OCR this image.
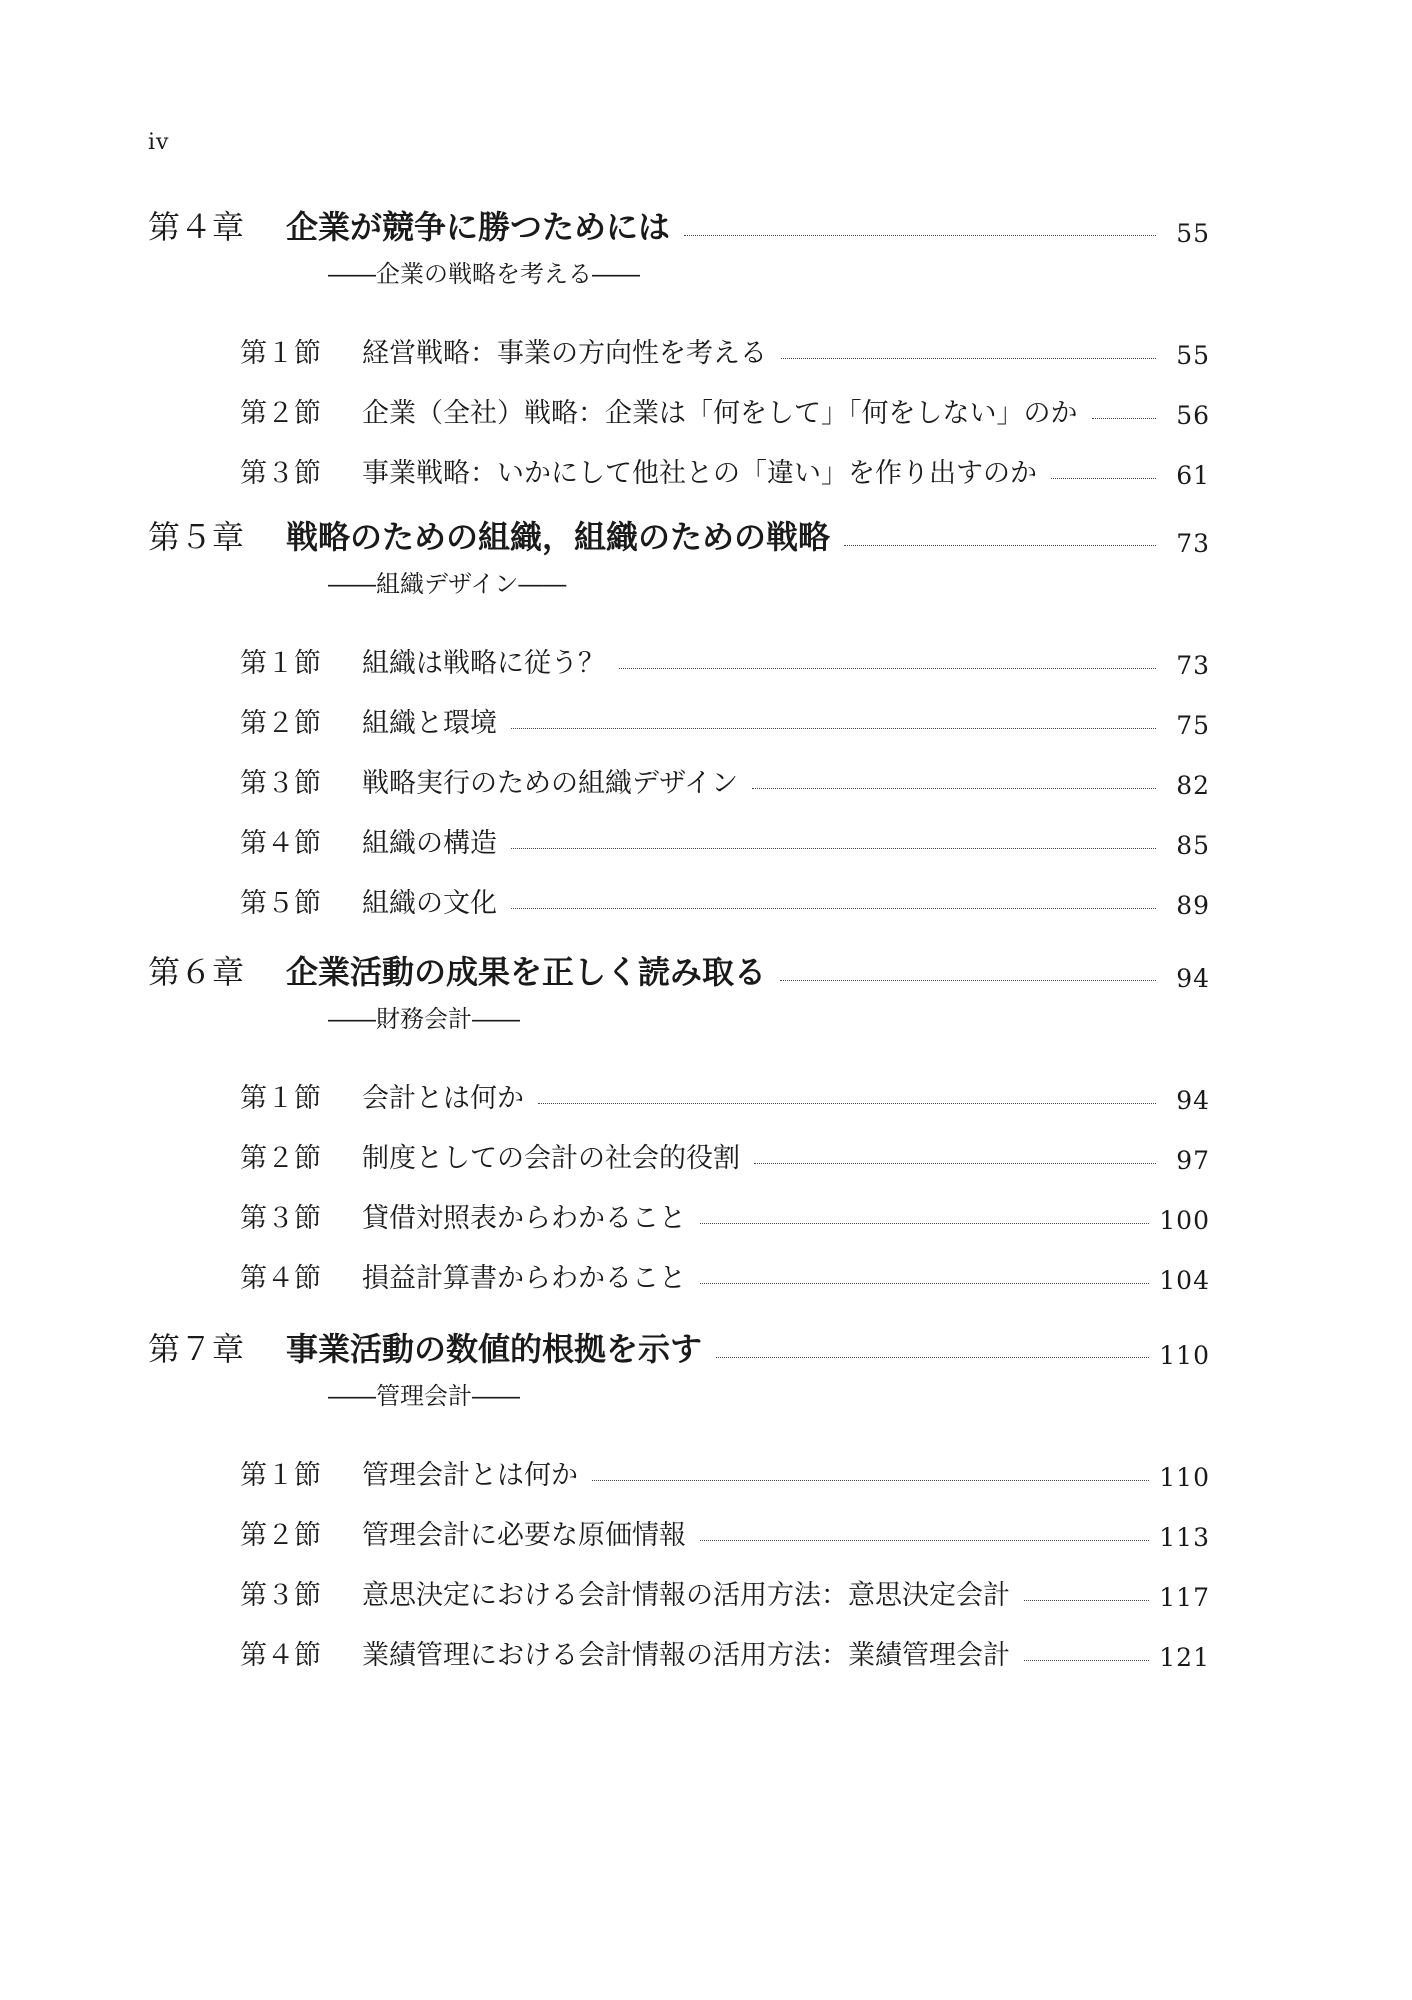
iv
第４章	企業が競争に勝つためには	55
――企業の戦略を考える――
第１節	経営戦略：事業の方向性を考える	55
第２節	企業（全社）戦略：企業は「何をして」「何をしない」のか	56
第３節	事業戦略：いかにして他社との「違い」を作り出すのか	61
第５章	戦略のための組織，組織のための戦略	73
――組織デザイン――
第１節	組織は戦略に従う？	73
第２節	組織と環境	75
第３節	戦略実行のための組織デザイン	82
第４節	組織の構造	85
第５節	組織の文化	89
第６章	企業活動の成果を正しく読み取る	94
――財務会計――
第１節	会計とは何か	94
第２節	制度としての会計の社会的役割	97
第３節	貸借対照表からわかること	100
第４節	損益計算書からわかること	104
第７章	事業活動の数値的根拠を示す	110
――管理会計――
第１節	管理会計とは何か	110
第２節	管理会計に必要な原価情報	113
第３節	意思決定における会計情報の活用方法：意思決定会計	117
第４節	業績管理における会計情報の活用方法：業績管理会計	121
